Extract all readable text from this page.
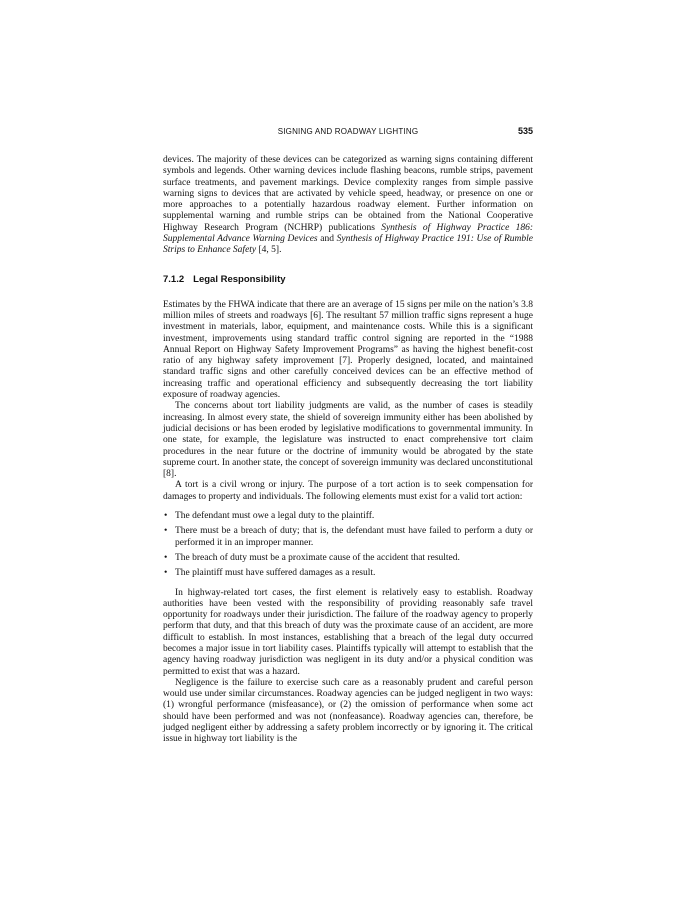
SIGNING AND ROADWAY LIGHTING	535

devices. The majority of these devices can be categorized as warning signs containing different symbols and legends. Other warning devices include flashing beacons, rumble strips, pavement surface treatments, and pavement markings. Device complexity ranges from simple passive warning signs to devices that are activated by vehicle speed, headway, or presence on one or more approaches to a potentially hazardous roadway element. Further information on supplemental warning and rumble strips can be obtained from the National Cooperative Highway Research Program (NCHRP) publications Synthesis of Highway Practice 186: Supplemental Advance Warning Devices and Synthesis of Highway Practice 191: Use of Rumble Strips to Enhance Safety [4, 5].

7.1.2 Legal Responsibility

Estimates by the FHWA indicate that there are an average of 15 signs per mile on the nation’s 3.8 million miles of streets and roadways [6]. The resultant 57 million traffic signs represent a huge investment in materials, labor, equipment, and maintenance costs. While this is a significant investment, improvements using standard traffic control signing are reported in the “1988 Annual Report on Highway Safety Improvement Programs” as having the highest benefit-cost ratio of any highway safety improvement [7]. Properly designed, located, and maintained standard traffic signs and other carefully conceived devices can be an effective method of increasing traffic and operational efficiency and subsequently decreasing the tort liability exposure of roadway agencies.

The concerns about tort liability judgments are valid, as the number of cases is steadily increasing. In almost every state, the shield of sovereign immunity either has been abolished by judicial decisions or has been eroded by legislative modifications to governmental immunity. In one state, for example, the legislature was instructed to enact comprehensive tort claim procedures in the near future or the doctrine of immunity would be abrogated by the state supreme court. In another state, the concept of sovereign immunity was declared unconstitutional [8].

A tort is a civil wrong or injury. The purpose of a tort action is to seek compensation for damages to property and individuals. The following elements must exist for a valid tort action:

• The defendant must owe a legal duty to the plaintiff.
• There must be a breach of duty; that is, the defendant must have failed to perform a duty or performed it in an improper manner.
• The breach of duty must be a proximate cause of the accident that resulted.
• The plaintiff must have suffered damages as a result.

In highway-related tort cases, the first element is relatively easy to establish. Roadway authorities have been vested with the responsibility of providing reasonably safe travel opportunity for roadways under their jurisdiction. The failure of the roadway agency to properly perform that duty, and that this breach of duty was the proximate cause of an accident, are more difficult to establish. In most instances, establishing that a breach of the legal duty occurred becomes a major issue in tort liability cases. Plaintiffs typically will attempt to establish that the agency having roadway jurisdiction was negligent in its duty and/or a physical condition was permitted to exist that was a hazard.

Negligence is the failure to exercise such care as a reasonably prudent and careful person would use under similar circumstances. Roadway agencies can be judged negligent in two ways: (1) wrongful performance (misfeasance), or (2) the omission of performance when some act should have been performed and was not (nonfeasance). Roadway agencies can, therefore, be judged negligent either by addressing a safety problem incorrectly or by ignoring it. The critical issue in highway tort liability is the
